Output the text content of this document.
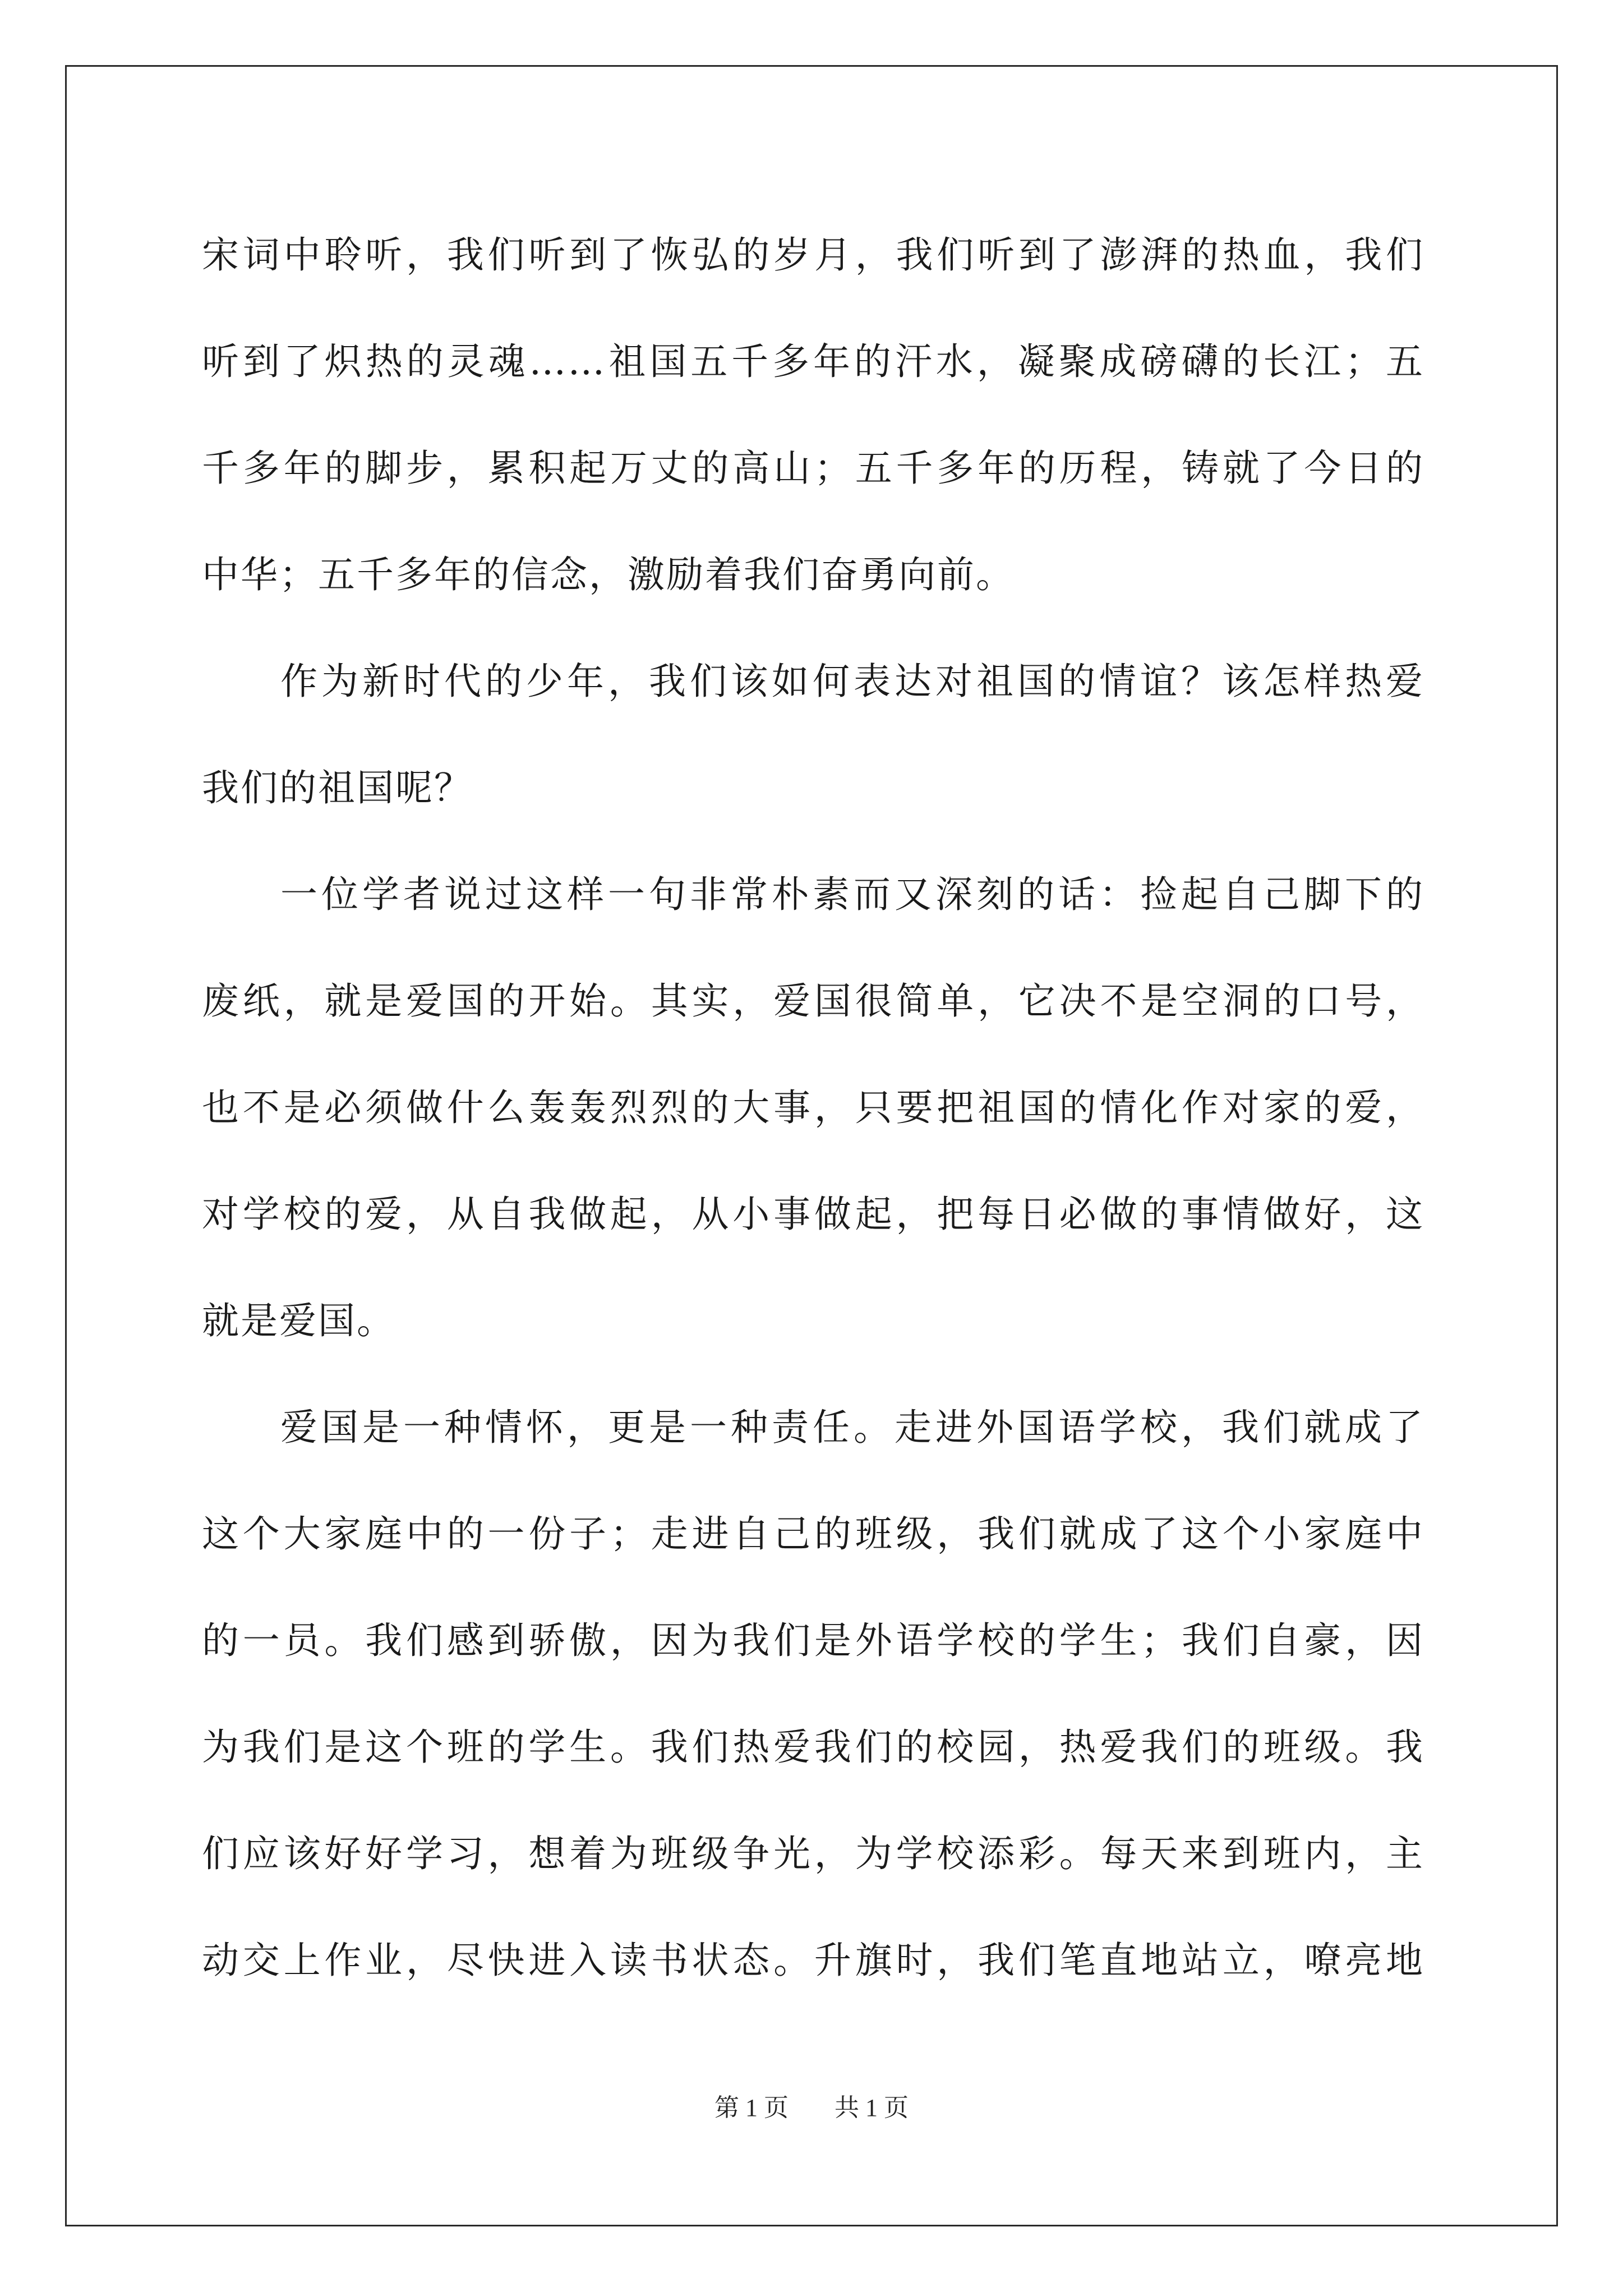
宋词中聆听，我们听到了恢弘的岁月，我们听到了澎湃的热血，我们
听到了炽热的灵魂……祖国五千多年的汗水，凝聚成磅礴的长江；五
千多年的脚步，累积起万丈的高山；五千多年的历程，铸就了今日的
中华；五千多年的信念，激励着我们奋勇向前。
作为新时代的少年，我们该如何表达对祖国的情谊？该怎样热爱
我们的祖国呢？
一位学者说过这样一句非常朴素而又深刻的话：捡起自己脚下的
废纸，就是爱国的开始。其实，爱国很简单，它决不是空洞的口号，
也不是必须做什么轰轰烈烈的大事，只要把祖国的情化作对家的爱，
对学校的爱，从自我做起，从小事做起，把每日必做的事情做好，这
就是爱国。
爱国是一种情怀，更是一种责任。走进外国语学校，我们就成了
这个大家庭中的一份子；走进自己的班级，我们就成了这个小家庭中
的一员。我们感到骄傲，因为我们是外语学校的学生；我们自豪，因
为我们是这个班的学生。我们热爱我们的校园，热爱我们的班级。我
们应该好好学习，想着为班级争光，为学校添彩。每天来到班内，主
动交上作业，尽快进入读书状态。升旗时，我们笔直地站立，嘹亮地
第 1 页 共 1 页
